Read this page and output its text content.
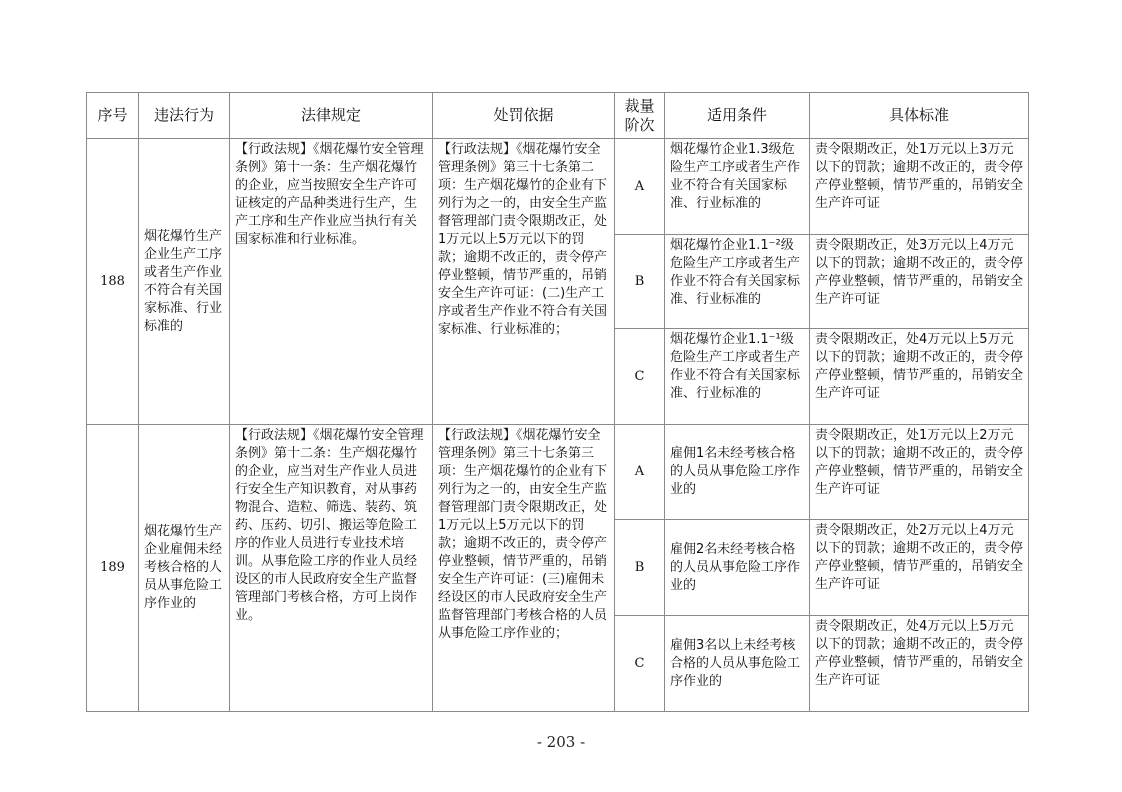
序号	违法行为	法律规定	处罚依据	裁量阶次	适用条件	具体标准
188	烟花爆竹生产企业生产工序或者生产作业不符合有关国家标准、行业标准的	【行政法规】《烟花爆竹安全管理条例》第十一条：生产烟花爆竹的企业，应当按照安全生产许可证核定的产品种类进行生产，生产工序和生产作业应当执行有关国家标准和行业标准。	【行政法规】《烟花爆竹安全管理条例》第三十七条第二项：生产烟花爆竹的企业有下列行为之一的，由安全生产监督管理部门责令限期改正，处1万元以上5万元以下的罚款；逾期不改正的，责令停产停业整顿，情节严重的，吊销安全生产许可证：(二)生产工序或者生产作业不符合有关国家标准、行业标准的；	A	烟花爆竹企业1.3级危险生产工序或者生产作业不符合有关国家标准、行业标准的	责令限期改正，处1万元以上3万元以下的罚款；逾期不改正的，责令停产停业整顿，情节严重的，吊销安全生产许可证
				B	烟花爆竹企业1.1⁻²级危险生产工序或者生产作业不符合有关国家标准、行业标准的	责令限期改正，处3万元以上4万元以下的罚款；逾期不改正的，责令停产停业整顿，情节严重的，吊销安全生产许可证
				C	烟花爆竹企业1.1⁻¹级危险生产工序或者生产作业不符合有关国家标准、行业标准的	责令限期改正，处4万元以上5万元以下的罚款；逾期不改正的，责令停产停业整顿，情节严重的，吊销安全生产许可证
189	烟花爆竹生产企业雇佣未经考核合格的人员从事危险工序作业的	【行政法规】《烟花爆竹安全管理条例》第十二条：生产烟花爆竹的企业，应当对生产作业人员进行安全生产知识教育，对从事药物混合、造粒、筛选、装药、筑药、压药、切引、搬运等危险工序的作业人员进行专业技术培训。从事危险工序的作业人员经设区的市人民政府安全生产监督管理部门考核合格，方可上岗作业。	【行政法规】《烟花爆竹安全管理条例》第三十七条第三项：生产烟花爆竹的企业有下列行为之一的，由安全生产监督管理部门责令限期改正，处1万元以上5万元以下的罚款；逾期不改正的，责令停产停业整顿，情节严重的，吊销安全生产许可证：(三)雇佣未经设区的市人民政府安全生产监督管理部门考核合格的人员从事危险工序作业的；	A	雇佣1名未经考核合格的人员从事危险工序作业的	责令限期改正，处1万元以上2万元以下的罚款；逾期不改正的，责令停产停业整顿，情节严重的，吊销安全生产许可证
				B	雇佣2名未经考核合格的人员从事危险工序作业的	责令限期改正，处2万元以上4万元以下的罚款；逾期不改正的，责令停产停业整顿，情节严重的，吊销安全生产许可证
				C	雇佣3名以上未经考核合格的人员从事危险工序作业的	责令限期改正，处4万元以上5万元以下的罚款；逾期不改正的，责令停产停业整顿，情节严重的，吊销安全生产许可证
- 203 -
